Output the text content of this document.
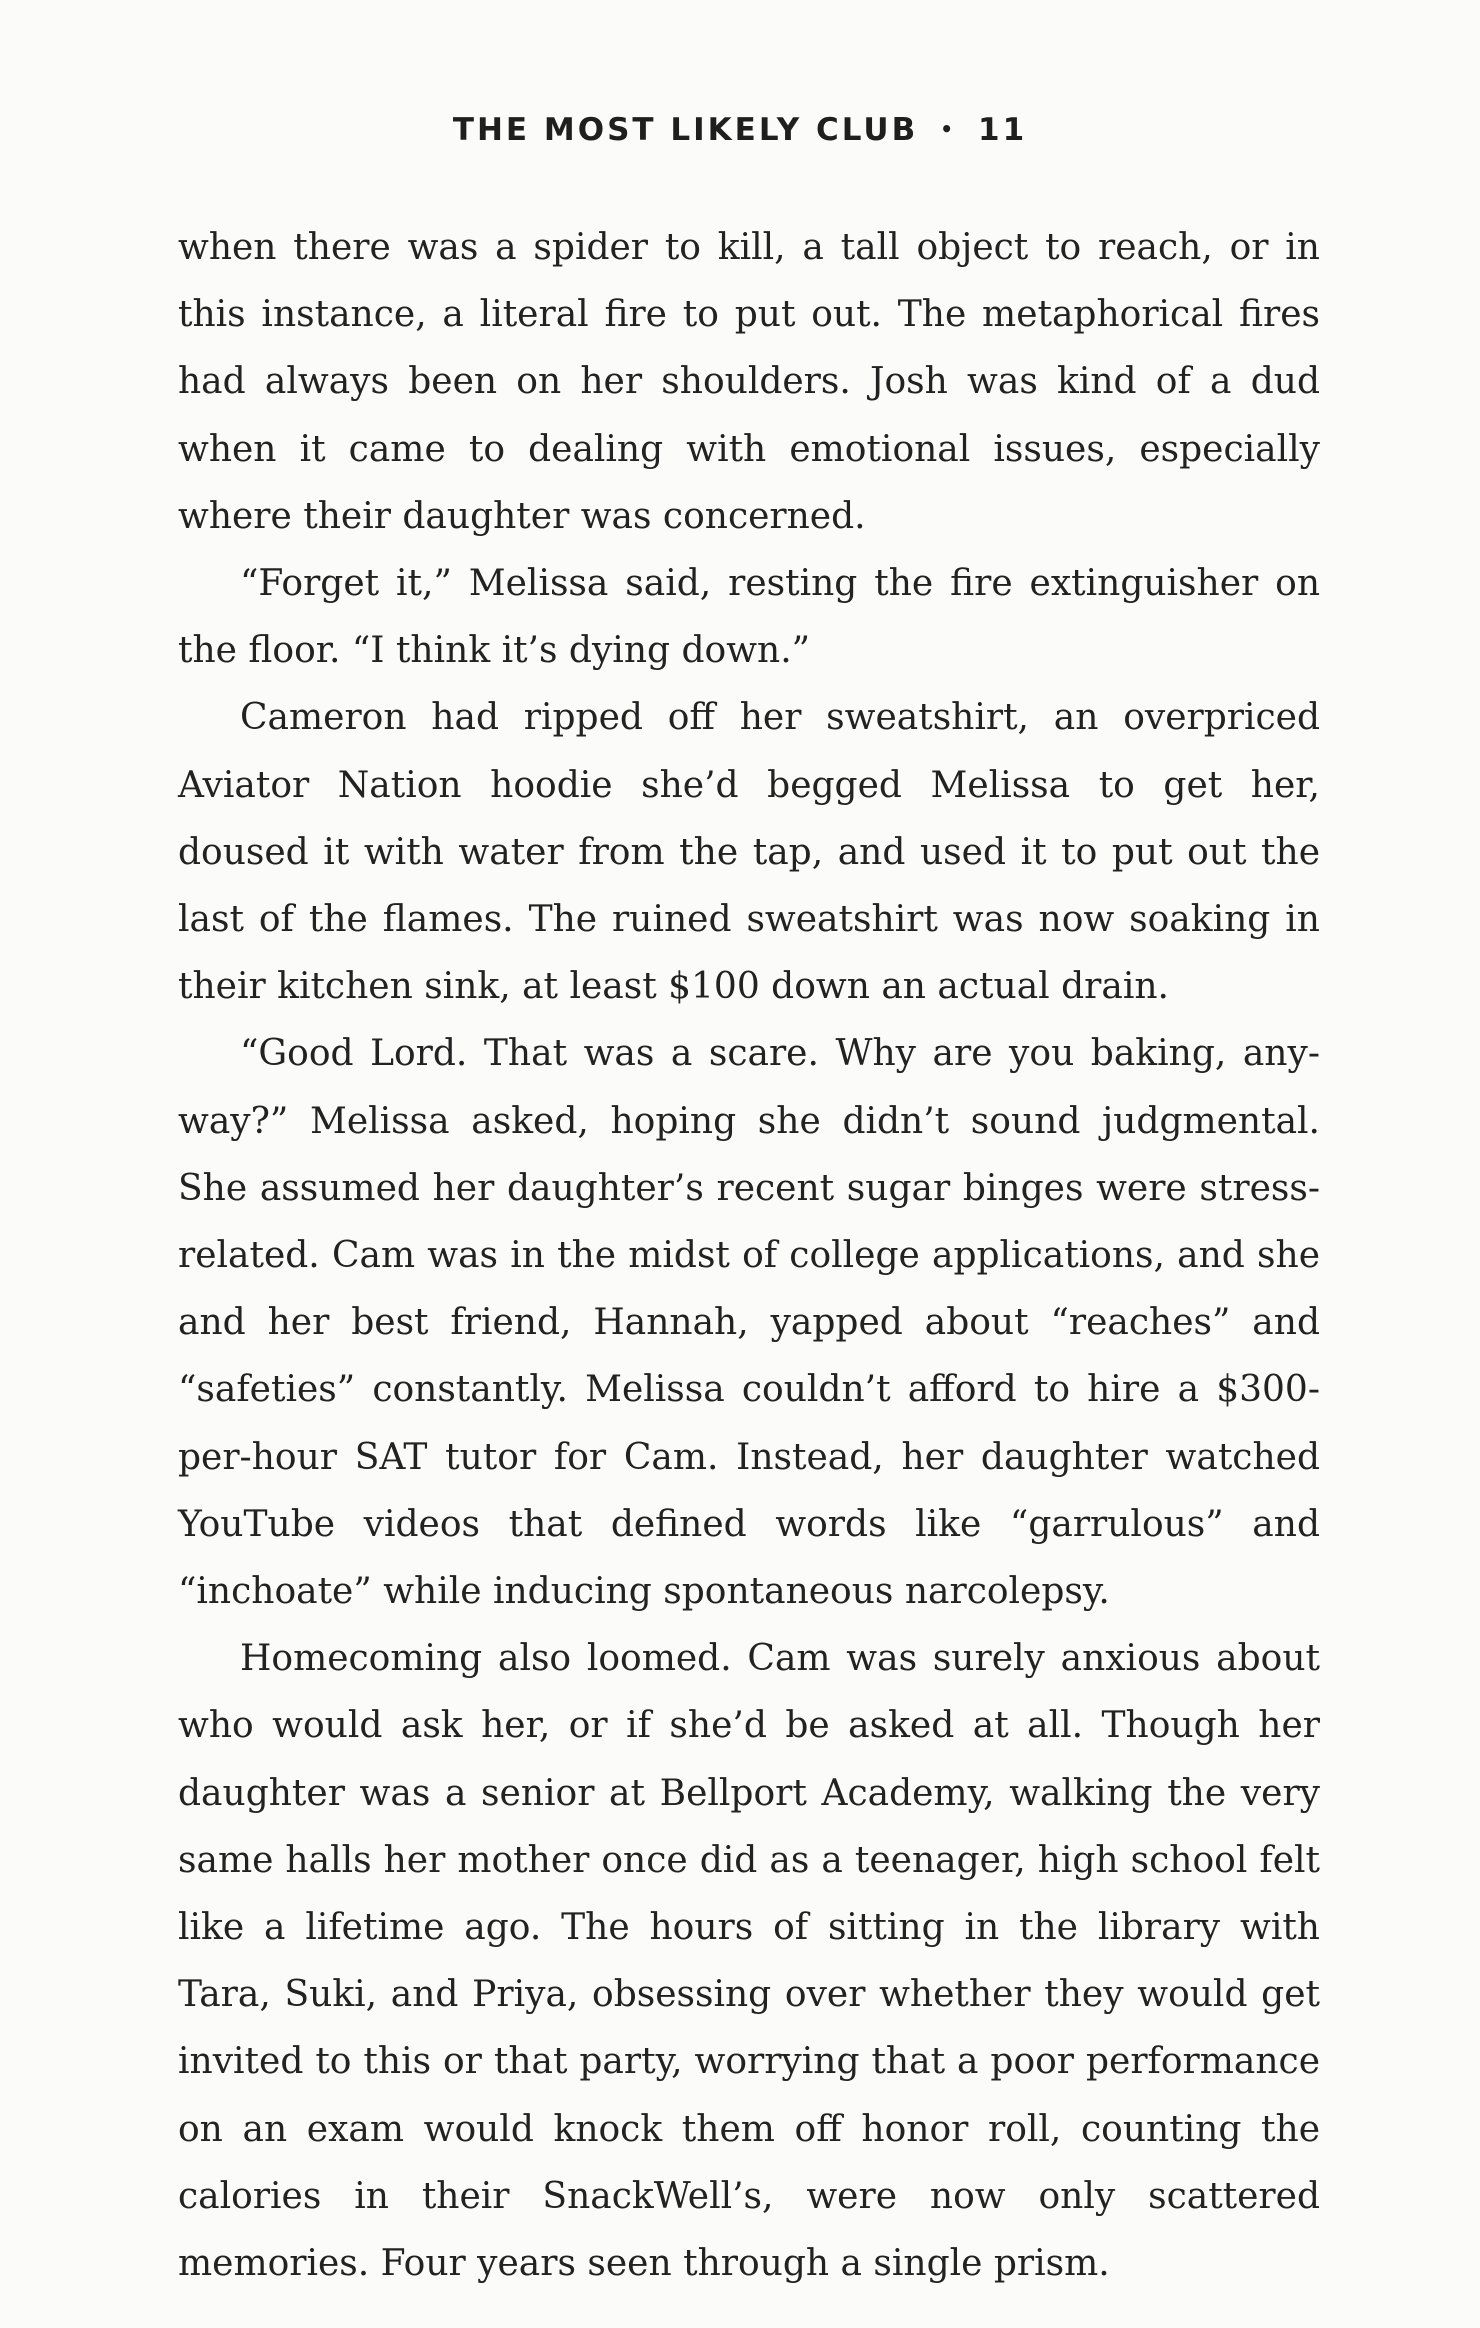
THE MOST LIKELY CLUB • 11

when there was a spider to kill, a tall object to reach, or in this instance, a literal fire to put out. The metaphorical fires had always been on her shoulders. Josh was kind of a dud when it came to dealing with emotional issues, especially where their daughter was concerned.

“Forget it,” Melissa said, resting the fire extinguisher on the floor. “I think it’s dying down.”

Cameron had ripped off her sweatshirt, an overpriced Aviator Nation hoodie she’d begged Melissa to get her, doused it with water from the tap, and used it to put out the last of the flames. The ruined sweatshirt was now soaking in their kitchen sink, at least $100 down an actual drain.

“Good Lord. That was a scare. Why are you baking, anyway?” Melissa asked, hoping she didn’t sound judgmental. She assumed her daughter’s recent sugar binges were stress-related. Cam was in the midst of college applications, and she and her best friend, Hannah, yapped about “reaches” and “safeties” constantly. Melissa couldn’t afford to hire a $300-per-hour SAT tutor for Cam. Instead, her daughter watched YouTube videos that defined words like “garrulous” and “inchoate” while inducing spontaneous narcolepsy.

Homecoming also loomed. Cam was surely anxious about who would ask her, or if she’d be asked at all. Though her daughter was a senior at Bellport Academy, walking the very same halls her mother once did as a teenager, high school felt like a lifetime ago. The hours of sitting in the library with Tara, Suki, and Priya, obsessing over whether they would get invited to this or that party, worrying that a poor performance on an exam would knock them off honor roll, counting the calories in their SnackWell’s, were now only scattered memories. Four years seen through a single prism.
